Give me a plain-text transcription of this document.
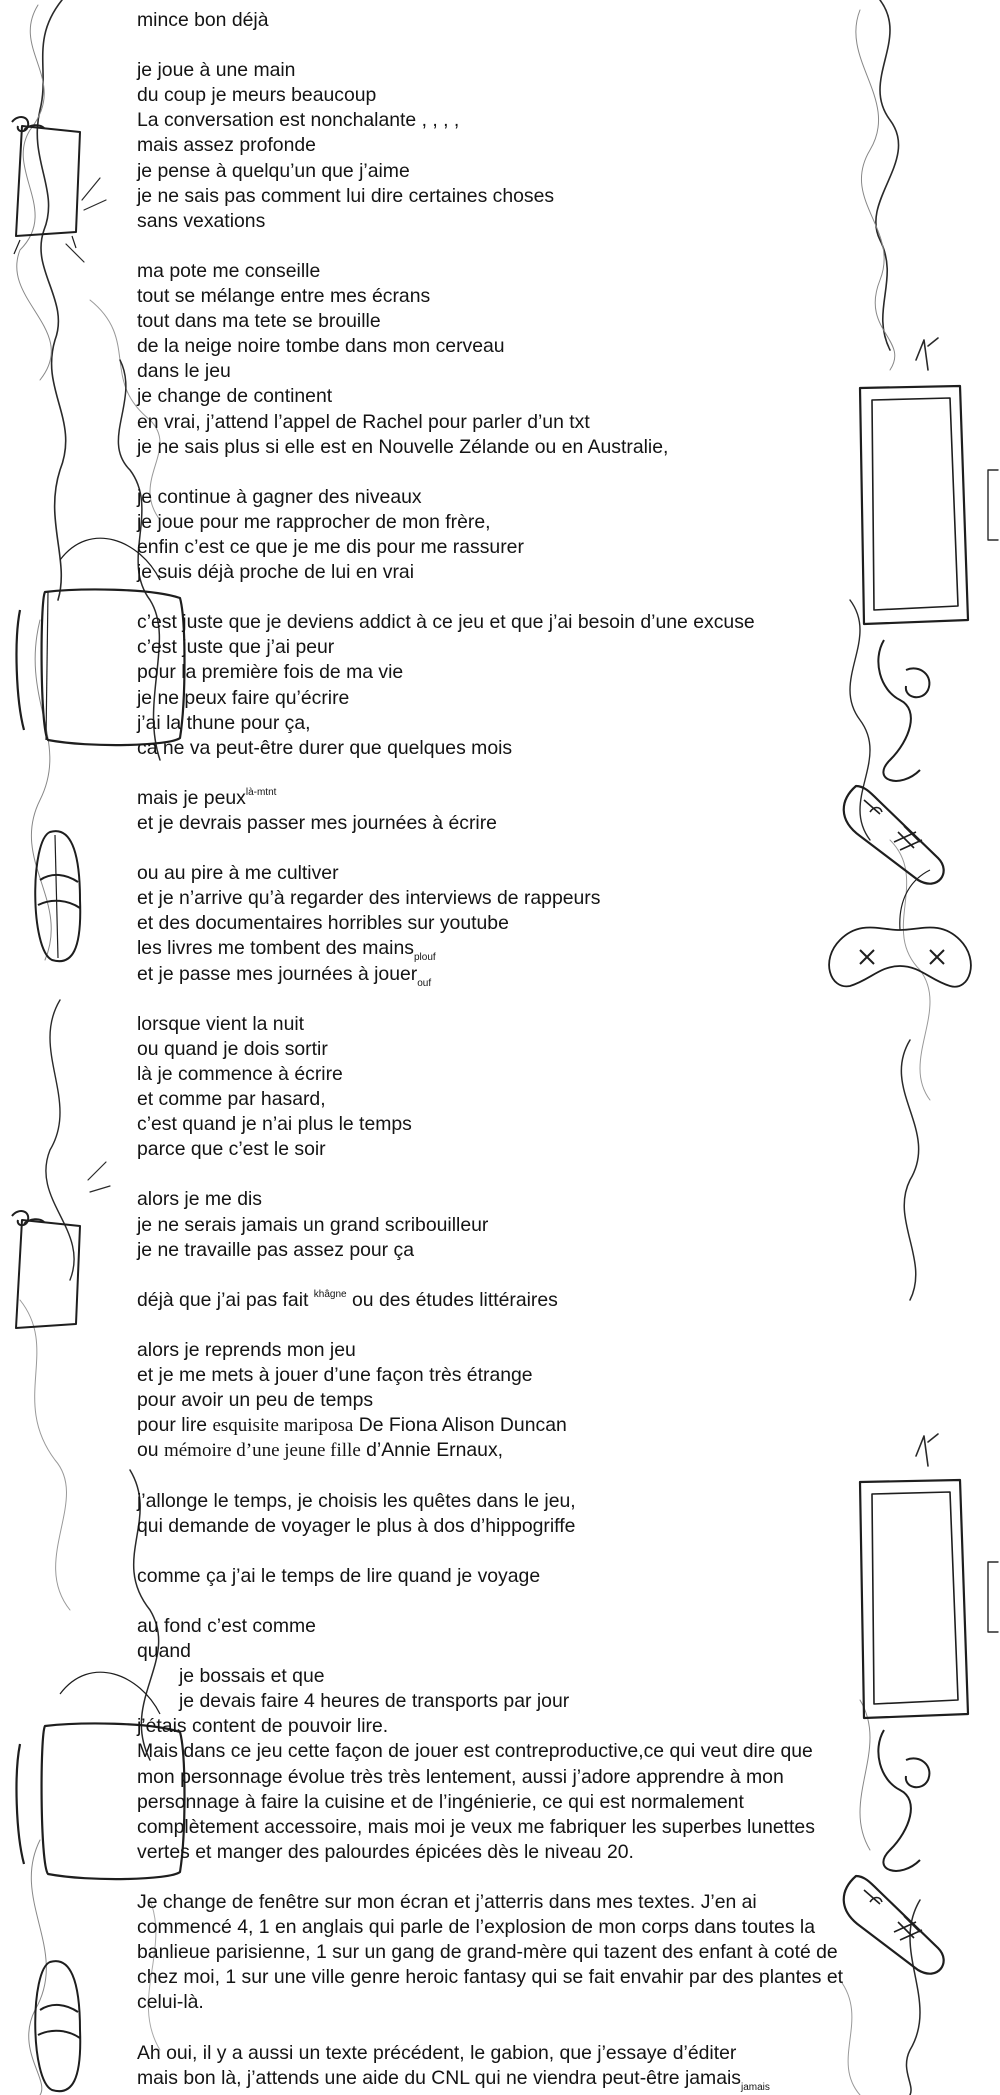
mince bon déjà
je joue à une main
du coup je meurs beaucoup
La conversation est nonchalante , , , ,
mais assez profonde
je pense à quelqu’un que j’aime
je ne sais pas comment lui dire certaines choses
sans vexations
ma pote me conseille
tout se mélange entre mes écrans
tout dans ma tete se brouille
de la neige noire tombe dans mon cerveau
dans le jeu
je change de continent
en vrai, j’attend l’appel de Rachel pour parler d’un txt
je ne sais plus si elle est en Nouvelle Zélande ou en Australie,
je continue à gagner des niveaux
je joue pour me rapprocher de mon frère,
enfin c’est ce que je me dis pour me rassurer
je suis déjà proche de lui en vrai
c’est juste que je deviens addict à ce jeu et que j’ai besoin d’une excuse
c’est juste que j’ai peur
pour la première fois de ma vie
je ne peux faire qu’écrire
j’ai la thune pour ça,
ca ne va peut-être durer que quelques mois
mais je peux$^{là-mtnt}$
et je devrais passer mes journées à écrire
ou au pire à me cultiver
et je n’arrive qu’à regarder des interviews de rappeurs
et des documentaires horribles sur youtube
les livres me tombent des mains$_{plouf}$
et je passe mes journées à jouer$_{ouf}$
lorsque vient la nuit
ou quand je dois sortir
là je commence à écrire
et comme par hasard,
c’est quand je n’ai plus le temps
parce que c’est le soir
alors je me dis
je ne serais jamais un grand scribouilleur
je ne travaille pas assez pour ça
déjà que j’ai pas fait $^{khâgne}$ ou des études littéraires
alors je reprends mon jeu
et je me mets à jouer d’une façon très étrange
pour avoir un peu de temps
pour lire esquisite mariposa De Fiona Alison Duncan
ou mémoire d’une jeune fille d’Annie Ernaux,
j’allonge le temps, je choisis les quêtes dans le jeu,
qui demande de voyager le plus à dos d’hippogriffe
comme ça j’ai le temps de lire quand je voyage
au fond c’est comme
quand
je bossais et que
je devais faire 4 heures de transports par jour
j’étais content de pouvoir lire.
Mais dans ce jeu cette façon de jouer est contreproductive,ce qui veut dire que mon personnage évolue très très lentement, aussi j’adore apprendre à mon personnage à faire la cuisine et de l’ingénierie, ce qui est normalement complètement accessoire, mais moi je veux me fabriquer les superbes lunettes vertes et manger des palourdes épicées dès le niveau 20.
Je change de fenêtre sur mon écran et j’atterris dans mes textes. J’en ai commencé 4, 1 en anglais qui parle de l’explosion de mon corps dans toutes la banlieue parisienne, 1 sur un gang de grand-mère qui tazent des enfant à coté de chez moi, 1 sur une ville genre heroic fantasy qui se fait envahir par des plantes et celui-là.
Ah oui, il y a aussi un texte précédent, le gabion, que j’essaye d’éditer
mais bon là, j’attends une aide du CNL qui ne viendra peut-être jamais$_{jamais}$
